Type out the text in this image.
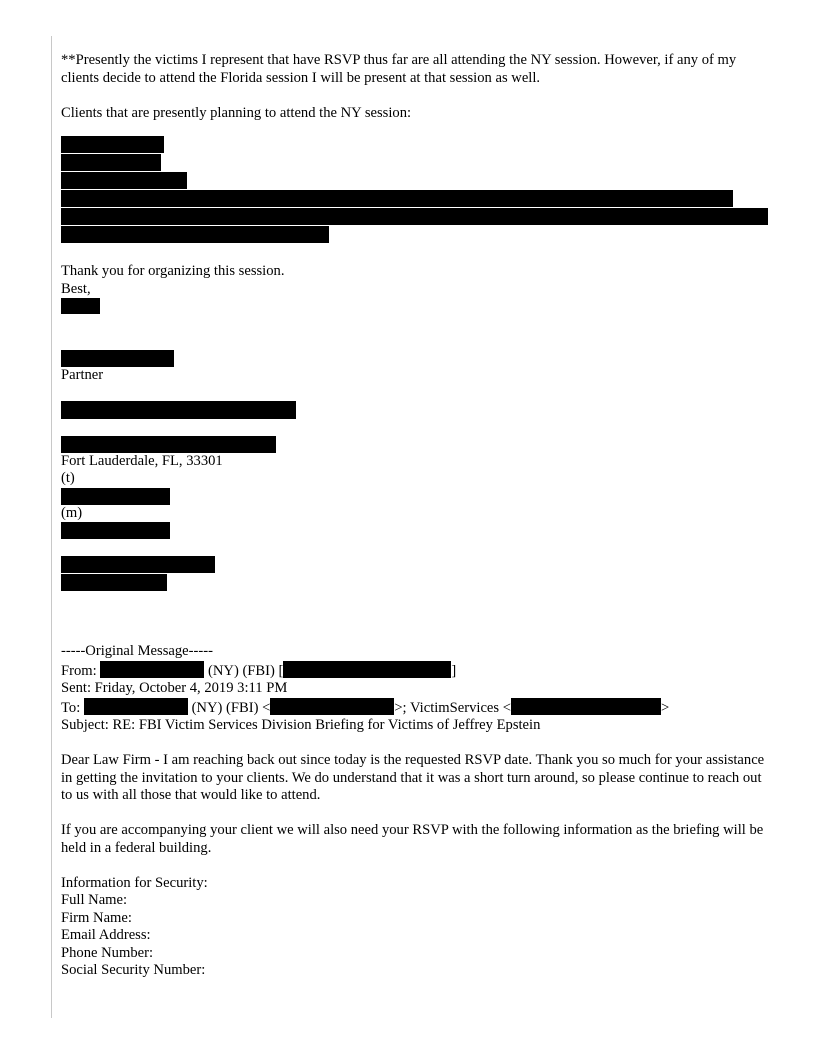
**Presently the victims I represent that have RSVP thus far are all attending the NY session. However, if any of my clients decide to attend the Florida session I will be present at that session as well.

Clients that are presently planning to attend the NY session:

Thank you for organizing this session.

Best,

Partner

Fort Lauderdale, FL, 33301

(t)

(m)

-----Original Message-----

From:	(NY) (FBI) [	]

Sent: Friday, October 4, 2019 3:11 PM

To:	(NY) (FBI) <	>; VictimServices <	>

Subject: RE: FBI Victim Services Division Briefing for Victims of Jeffrey Epstein

Dear Law Firm - I am reaching back out since today is the requested RSVP date. Thank you so much for your assistance in getting the invitation to your clients. We do understand that it was a short turn around, so please continue to reach out to us with all those that would like to attend.

If you are accompanying your client we will also need your RSVP with the following information as the briefing will be held in a federal building.

Information for Security:

Full Name:

Firm Name:

Email Address:

Phone Number:

Social Security Number:
